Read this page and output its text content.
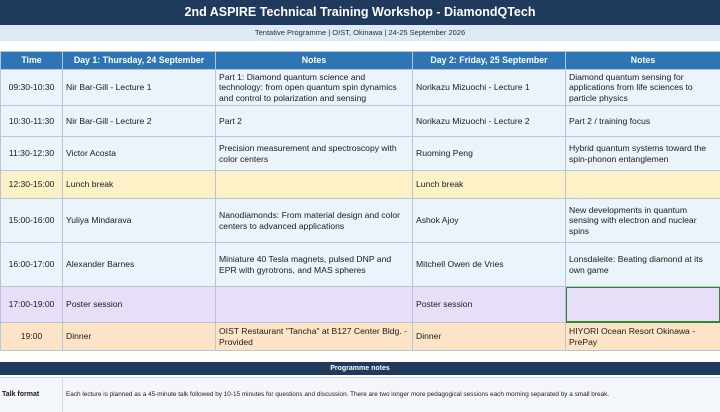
2nd ASPIRE Technical Training Workshop - DiamondQTech
Tentative Programme | OIST, Okinawa | 24-25 September 2026
Time	Day 1: Thursday, 24 September	Notes	Day 2: Friday, 25 September	Notes
09:30-10:30	Nir Bar-Gill - Lecture 1	Part 1: Diamond quantum science and technology: from open quantum spin dynamics and control to polarization and sensing	Norikazu Mizuochi - Lecture 1	Diamond quantum sensing for applications from life sciences to particle physics
10:30-11:30	Nir Bar-Gill - Lecture 2	Part 2	Norikazu Mizuochi - Lecture 2	Part 2 / training focus
11:30-12:30	Victor Acosta	Precision measurement and spectroscopy with color centers	Ruoming Peng	Hybrid quantum systems toward the spin-phonon entanglemen
12:30-15:00	Lunch break		Lunch break	
15:00-16:00	Yuliya Mindarava	Nanodiamonds: From material design and color centers to advanced applications	Ashok Ajoy	New developments in quantum sensing with electron and nuclear spins
16:00-17:00	Alexander Barnes	Miniature 40 Tesla magnets, pulsed DNP and EPR with gyrotrons, and MAS spheres	Mitchell Owen de Vries	Lonsdaleite: Beating diamond at its own game
17:00-19:00	Poster session		Poster session	
19:00	Dinner	OIST Restaurant "Tancha" at B127 Center Bldg. - Provided	Dinner	HIYORI Ocean Resort Okinawa - PrePay
Programme notes
Talk format	Each lecture is planned as a 45-minute talk followed by 10-15 minutes for questions and discussion. There are two longer more pedagogical sessions each morning separated by a small break.
